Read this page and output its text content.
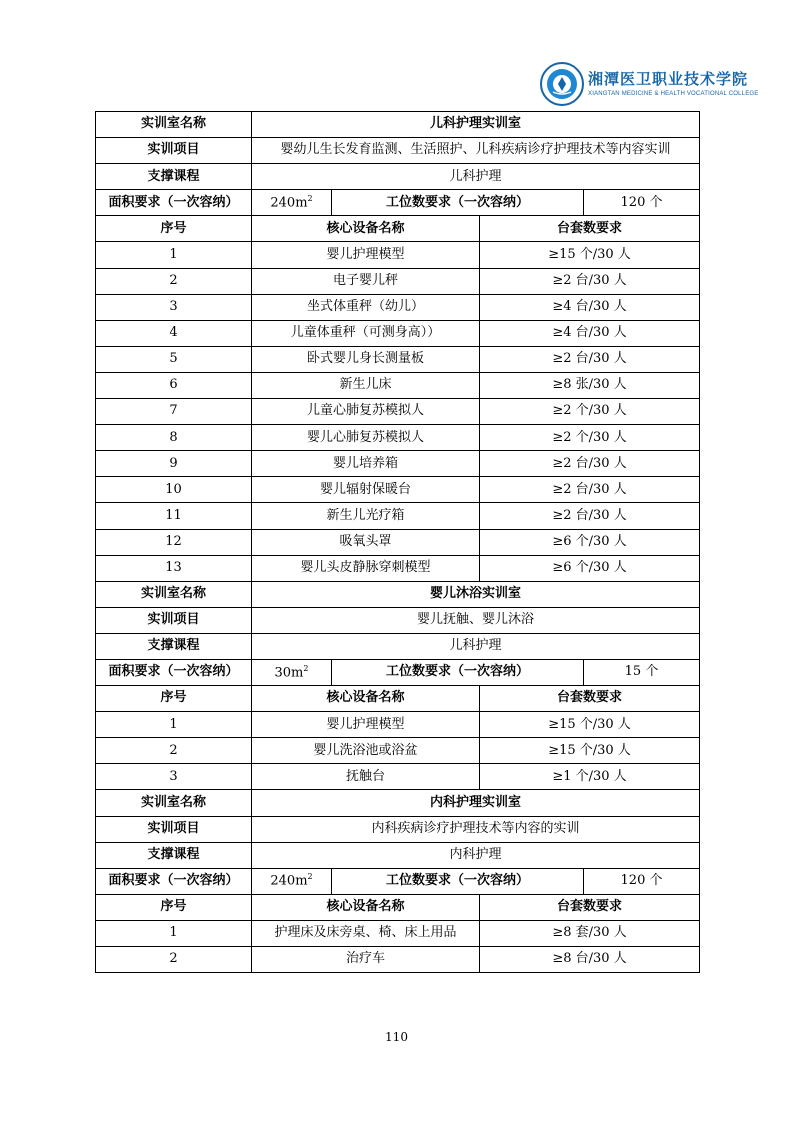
湘潭医卫职业技术学院
XIANGTAN MEDICINE & HEALTH VOCATIONAL COLLEGE
实训室名称	儿科护理实训室			
实训项目	婴幼儿生长发育监测、生活照护、儿科疾病诊疗护理技术等内容实训			
支撑课程	儿科护理			
面积要求（一次容纳）	$240m^2$	工位数要求（一次容纳）		120 个
序号	核心设备名称		台套数要求	
1	婴儿护理模型		≥15 个/30 人	
2	电子婴儿秤		≥2 台/30 人	
3	坐式体重秤（幼儿）		≥4 台/30 人	
4	儿童体重秤（可测身高））		≥4 台/30 人	
5	卧式婴儿身长测量板		≥2 台/30 人	
6	新生儿床		≥8 张/30 人	
7	儿童心肺复苏模拟人		≥2 个/30 人	
8	婴儿心肺复苏模拟人		≥2 个/30 人	
9	婴儿培养箱		≥2 台/30 人	
10	婴儿辐射保暖台		≥2 台/30 人	
11	新生儿光疗箱		≥2 台/30 人	
12	吸氧头罩		≥6 个/30 人	
13	婴儿头皮静脉穿刺模型		≥6 个/30 人	
实训室名称	婴儿沐浴实训室			
实训项目	婴儿抚触、婴儿沐浴			
支撑课程	儿科护理			
面积要求（一次容纳）	$30m^2$	工位数要求（一次容纳）		15 个
序号	核心设备名称		台套数要求	
1	婴儿护理模型		≥15 个/30 人	
2	婴儿洗浴池或浴盆		≥15 个/30 人	
3	抚触台		≥1 个/30 人	
实训室名称	内科护理实训室			
实训项目	内科疾病诊疗护理技术等内容的实训			
支撑课程	内科护理			
面积要求（一次容纳）	$240m^2$	工位数要求（一次容纳）		120 个
序号	核心设备名称		台套数要求	
1	护理床及床旁桌、椅、床上用品		≥8 套/30 人	
2	治疗车		≥8 台/30 人	
110
